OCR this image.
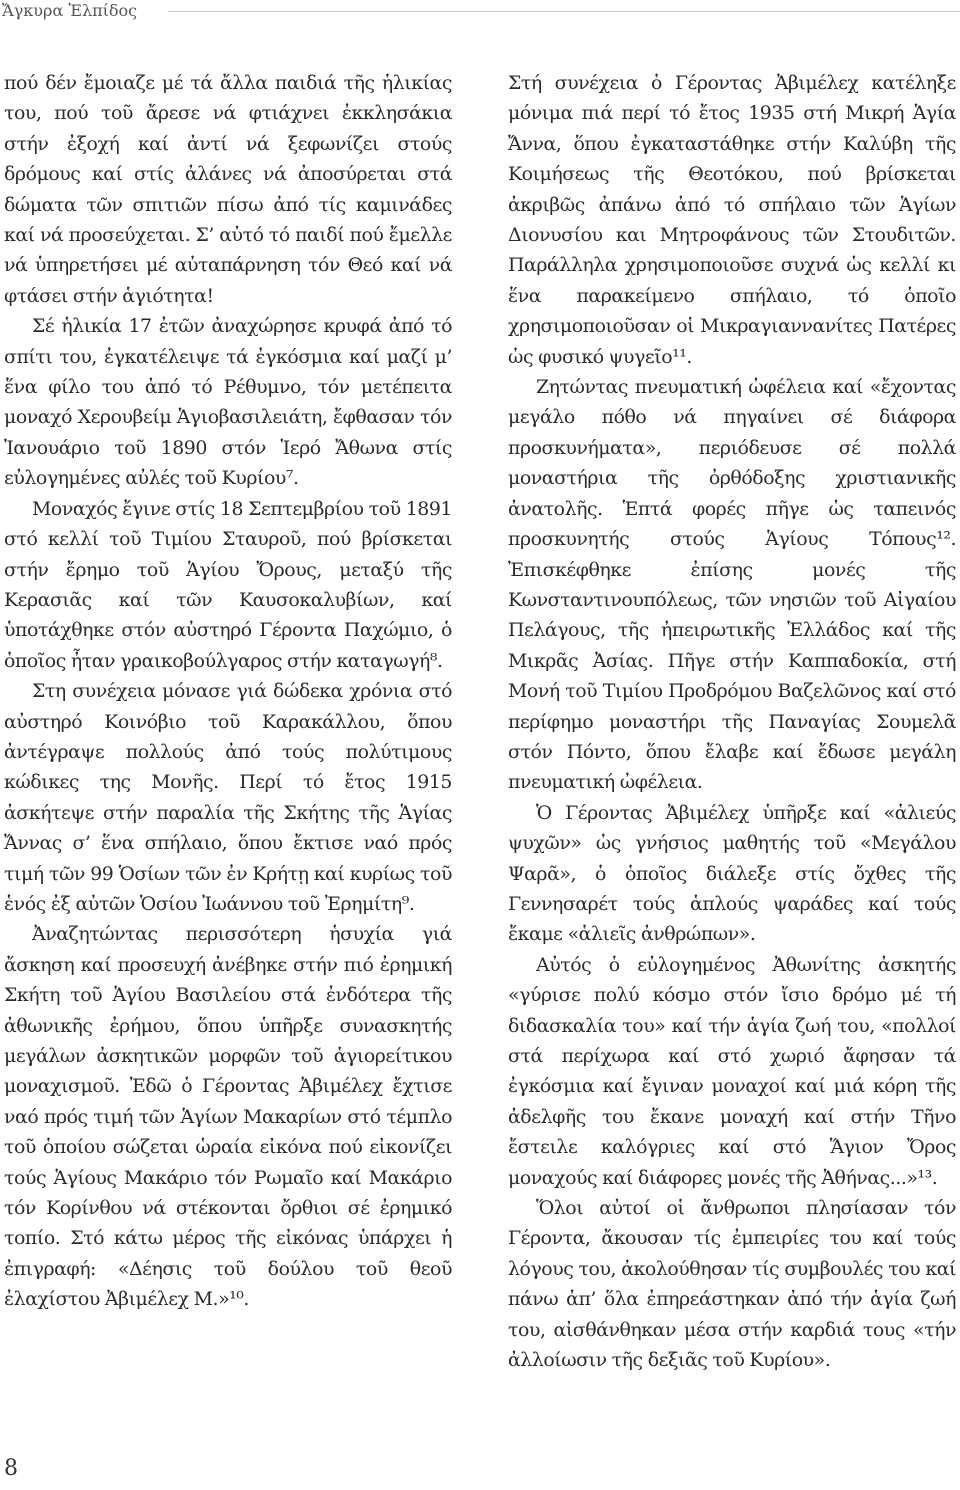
Ἄγκυρα Ἐλπίδος

πού δέν ἔμοιαζε μέ τά ἄλλα παιδιά τῆς ἡλικίας του, πού τοῦ ἄρεσε νά φτιάχνει ἐκκλησάκια στήν ἐξοχή καί ἀντί νά ξεφωνίζει στούς δρόμους καί στίς ἀλάνες νά ἀποσύρεται στά δώματα τῶν σπιτιῶν πίσω ἀπό τίς καμινάδες καί νά προσεύχεται. Σ’ αὐτό τό παιδί πού ἔμελλε νά ὑπηρετήσει μέ αὐταπάρνηση τόν Θεό καί νά φτάσει στήν ἁγιότητα!

Σέ ἡλικία 17 ἐτῶν ἀναχώρησε κρυφά ἀπό τό σπίτι του, ἐγκατέλειψε τά ἐγκόσμια καί μαζί μ’ ἕνα φίλο του ἀπό τό Ρέθυμνο, τόν μετέπειτα μοναχό Χερουβείμ Ἁγιοβασιλειάτη, ἔφθασαν τόν Ἰανουάριο τοῦ 1890 στόν Ἱερό Ἄθωνα στίς εὐλογημένες αὐλές τοῦ Κυρίου⁷.

Μοναχός ἔγινε στίς 18 Σεπτεμβρίου τοῦ 1891 στό κελλί τοῦ Τιμίου Σταυροῦ, πού βρίσκεται στήν ἔρημο τοῦ Ἁγίου Ὄρους, μεταξύ τῆς Κερασιᾶς καί τῶν Καυσοκαλυβίων, καί ὑποτάχθηκε στόν αὐστηρό Γέροντα Παχώμιο, ὁ ὁποῖος ἦταν γραικοβούλγαρος στήν καταγωγή⁸.

Στη συνέχεια μόνασε γιά δώδεκα χρόνια στό αὐστηρό Κοινόβιο τοῦ Καρακάλλου, ὅπου ἀντέγραψε πολλούς ἀπό τούς πολύτιμους κώδικες της Μονῆς. Περί τό ἔτος 1915 ἀσκήτεψε στήν παραλία τῆς Σκήτης τῆς Ἁγίας Ἄννας σ’ ἕνα σπήλαιο, ὅπου ἔκτισε ναό πρός τιμή τῶν 99 Ὁσίων τῶν ἐν Κρήτῃ καί κυρίως τοῦ ἑνός ἐξ αὐτῶν Ὁσίου Ἰωάννου τοῦ Ἐρημίτη⁹.

Ἀναζητώντας περισσότερη ἡσυχία γιά ἄσκηση καί προσευχή ἀνέβηκε στήν πιό ἐρημική Σκήτη τοῦ Ἁγίου Βασιλείου στά ἐνδότερα τῆς ἀθωνικῆς ἐρήμου, ὅπου ὑπῆρξε συνασκητής μεγάλων ἀσκητικῶν μορφῶν τοῦ ἁγιορείτικου μοναχισμοῦ. Ἐδῶ ὁ Γέροντας Ἀβιμέλεχ ἔχτισε ναό πρός τιμή τῶν Ἁγίων Μακαρίων στό τέμπλο τοῦ ὁποίου σώζεται ὡραία εἰκόνα πού εἰκονίζει τούς Ἁγίους Μακάριο τόν Ρωμαῖο καί Μακάριο τόν Κορίνθου νά στέκονται ὄρθιοι σέ ἐρημικό τοπίο. Στό κάτω μέρος τῆς εἰκόνας ὑπάρχει ἡ ἐπιγραφή: «Δέησις τοῦ δούλου τοῦ θεοῦ ἐλαχίστου Ἀβιμέλεχ Μ.»¹⁰.

Στή συνέχεια ὁ Γέροντας Ἀβιμέλεχ κατέληξε μόνιμα πιά περί τό ἔτος 1935 στή Μικρή Ἁγία Ἄννα, ὅπου ἐγκαταστάθηκε στήν Καλύβη τῆς Κοιμήσεως τῆς Θεοτόκου, πού βρίσκεται ἀκριβῶς ἀπάνω ἀπό τό σπήλαιο τῶν Ἁγίων Διονυσίου και Μητροφάνους τῶν Στουδιτῶν. Παράλληλα χρησιμοποιοῦσε συχνά ὡς κελλί κι ἕνα παρακείμενο σπήλαιο, τό ὁποῖο χρησιμοποιοῦσαν οἱ Μικραγιαννανίτες Πατέρες ὡς φυσικό ψυγεῖο¹¹.

Ζητώντας πνευματική ὠφέλεια καί «ἔχοντας μεγάλο πόθο νά πηγαίνει σέ διάφορα προσκυνήματα», περιόδευσε σέ πολλά μοναστήρια τῆς ὀρθόδοξης χριστιανικῆς ἀνατολῆς. Ἑπτά φορές πῆγε ὡς ταπεινός προσκυνητής στούς Ἁγίους Τόπους¹². Ἐπισκέφθηκε ἐπίσης μονές τῆς Κωνσταντινουπόλεως, τῶν νησιῶν τοῦ Αἰγαίου Πελάγους, τῆς ἠπειρωτικῆς Ἑλλάδος καί τῆς Μικρᾶς Ἀσίας. Πῆγε στήν Καππαδοκία, στή Μονή τοῦ Τιμίου Προδρόμου Βαζελῶνος καί στό περίφημο μοναστήρι τῆς Παναγίας Σουμελᾶ στόν Πόντο, ὅπου ἔλαβε καί ἔδωσε μεγάλη πνευματική ὠφέλεια.

Ὁ Γέροντας Ἀβιμέλεχ ὑπῆρξε καί «ἁλιεύς ψυχῶν» ὡς γνήσιος μαθητής τοῦ «Μεγάλου Ψαρᾶ», ὁ ὁποῖος διάλεξε στίς ὄχθες τῆς Γεννησαρέτ τούς ἁπλούς ψαράδες καί τούς ἔκαμε «ἁλιεῖς ἀνθρώπων».

Αὐτός ὁ εὐλογημένος Ἀθωνίτης ἀσκητής «γύρισε πολύ κόσμο στόν ἴσιο δρόμο μέ τή διδασκαλία του» καί τήν ἁγία ζωή του, «πολλοί στά περίχωρα καί στό χωριό ἄφησαν τά ἐγκόσμια καί ἔγιναν μοναχοί καί μιά κόρη τῆς ἀδελφῆς του ἔκανε μοναχή καί στήν Τῆνο ἔστειλε καλόγριες καί στό Ἅγιον Ὄρος μοναχούς καί διάφορες μονές τῆς Ἀθήνας...»¹³.

Ὅλοι αὐτοί οἱ ἄνθρωποι πλησίασαν τόν Γέροντα, ἄκουσαν τίς ἐμπειρίες του καί τούς λόγους του, ἀκολούθησαν τίς συμβουλές του καί πάνω ἀπ’ ὅλα ἐπηρεάστηκαν ἀπό τήν ἁγία ζωή του, αἰσθάνθηκαν μέσα στήν καρδιά τους «τήν ἀλλοίωσιν τῆς δεξιᾶς τοῦ Κυρίου».

8
